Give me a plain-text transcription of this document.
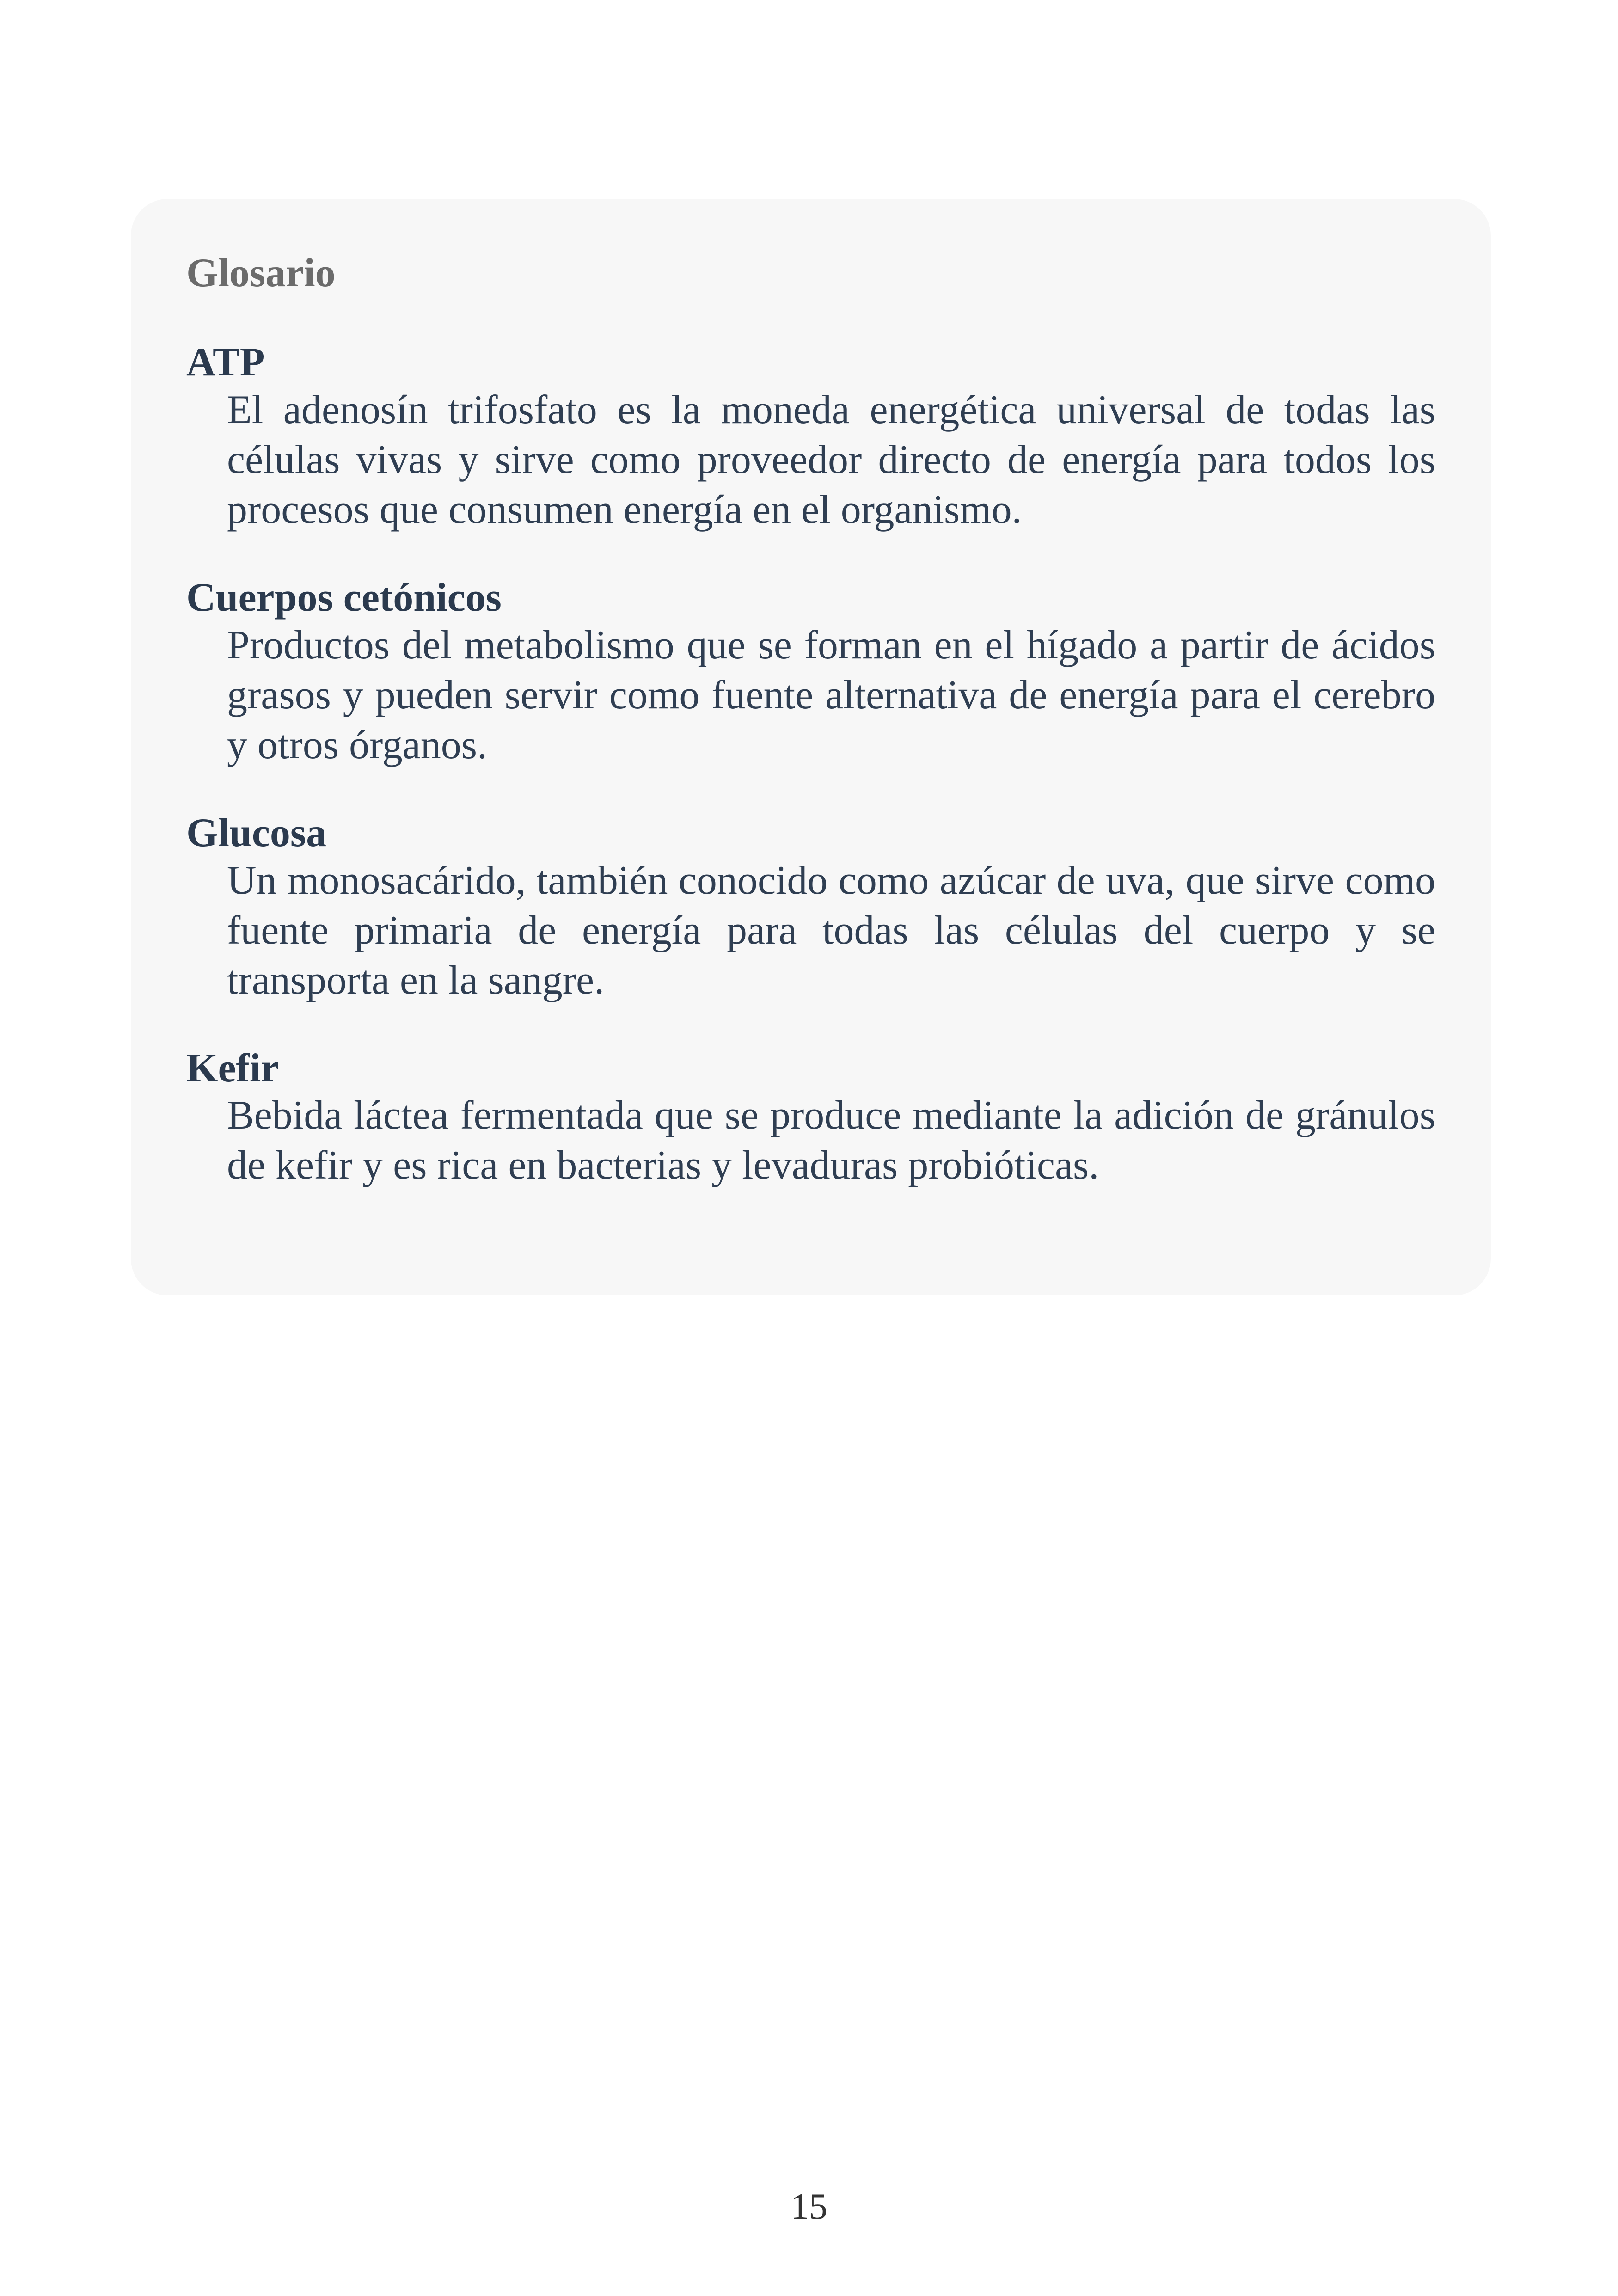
Glosario

ATP

El adenosín trifosfato es la moneda energética universal de todas las células vivas y sirve como proveedor directo de energía para todos los procesos que consumen energía en el organismo.

Cuerpos cetónicos

Productos del metabolismo que se forman en el hígado a partir de ácidos grasos y pueden servir como fuente alternativa de energía para el cerebro y otros órganos.

Glucosa

Un monosacárido, también conocido como azúcar de uva, que sirve como fuente primaria de energía para todas las células del cuerpo y se transporta en la sangre.

Kefir

Bebida láctea fermentada que se produce mediante la adición de gránulos de kefir y es rica en bacterias y levaduras probióticas.

15
